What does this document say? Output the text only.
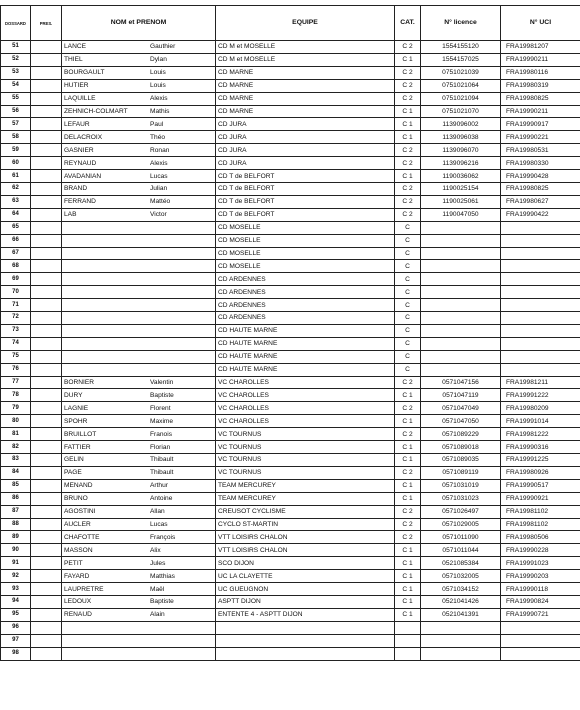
DOSSARD	PRES.	NOM et PRENOM	EQUIPE	CAT.	N° licence	N° UCI
51		LANCE Gauthier	CD M et MOSELLE	C 2	1554155120	FRA19981207
52		THIEL Dylan	CD M et MOSELLE	C 1	1554157025	FRA19990211
53		BOURGAULT Louis	CD MARNE	C 2	0751021039	FRA19980116
54		HUTIER Louis	CD MARNE	C 2	0751021064	FRA19980319
55		LAQUILLE Alexis	CD MARNE	C 2	0751021094	FRA19980825
56		ZEHNICH-COLMART Mathis	CD MARNE	C 1	0751021070	FRA19990211
57		LEFAUR Paul	CD JURA	C 1	1139096002	FRA19990917
58		DELACROIX Théo	CD JURA	C 1	1139096038	FRA19990221
59		GASNIER Ronan	CD JURA	C 2	1139096070	FRA19980531
60		REYNAUD Alexis	CD JURA	C 2	1139096216	FRA19980330
61		AVADANIAN Lucas	CD T de BELFORT	C 1	1190036062	FRA19990428
62		BRAND Julian	CD T de BELFORT	C 2	1190025154	FRA19980825
63		FERRAND Mattéo	CD T de BELFORT	C 2	1190025061	FRA19980627
64		LAB Victor	CD T de BELFORT	C 2	1190047050	FRA19990422
65			CD MOSELLE	C		
66			CD MOSELLE	C		
67			CD MOSELLE	C		
68			CD MOSELLE	C		
69			CD ARDENNES	C		
70			CD ARDENNES	C		
71			CD ARDENNES	C		
72			CD ARDENNES	C		
73			CD HAUTE MARNE	C		
74			CD HAUTE MARNE	C		
75			CD HAUTE MARNE	C		
76			CD HAUTE MARNE	C		
77		BORNIER Valentin	VC CHAROLLES	C 2	0571047156	FRA19981211
78		DURY Baptiste	VC CHAROLLES	C 1	0571047119	FRA19991222
79		LAGNIE Florent	VC CHAROLLES	C 2	0571047049	FRA19980209
80		SPOHR Maxime	VC CHAROLLES	C 1	0571047050	FRA19991014
81		BRUILLOT Franois	VC TOURNUS	C 2	0571089229	FRA19981222
82		FATTIER Florian	VC TOURNUS	C 1	0571089018	FRA19990316
83		GELIN Thibault	VC TOURNUS	C 1	0571089035	FRA19991225
84		PAGE Thibault	VC TOURNUS	C 2	0571089119	FRA19980926
85		MENAND Arthur	TEAM MERCUREY	C 1	0571031019	FRA19990517
86		BRUNO Antoine	TEAM MERCUREY	C 1	0571031023	FRA19990921
87		AGOSTINI Allan	CREUSOT CYCLISME	C 2	0571026497	FRA19981102
88		AUCLER Lucas	CYCLO ST-MARTIN	C 2	0571029005	FRA19981102
89		CHAFOTTE François	VTT LOISIRS CHALON	C 2	0571011090	FRA19980506
90		MASSON Alix	VTT LOISIRS CHALON	C 1	0571011044	FRA19990228
91		PETIT Jules	SCO DIJON	C 1	0521085384	FRA19991023
92		FAYARD Matthias	UC LA CLAYETTE	C 1	0571032005	FRA19990203
93		LAUPRETRE Maël	UC GUEUGNON	C 1	0571034152	FRA19990118
94		LEDOUX Baptiste	ASPTT DIJON	C 1	0521041426	FRA19990824
95		RENAUD Alain	ENTENTE 4 - ASPTT DIJON	C 1	0521041391	FRA19990721
96		

97		

98		
